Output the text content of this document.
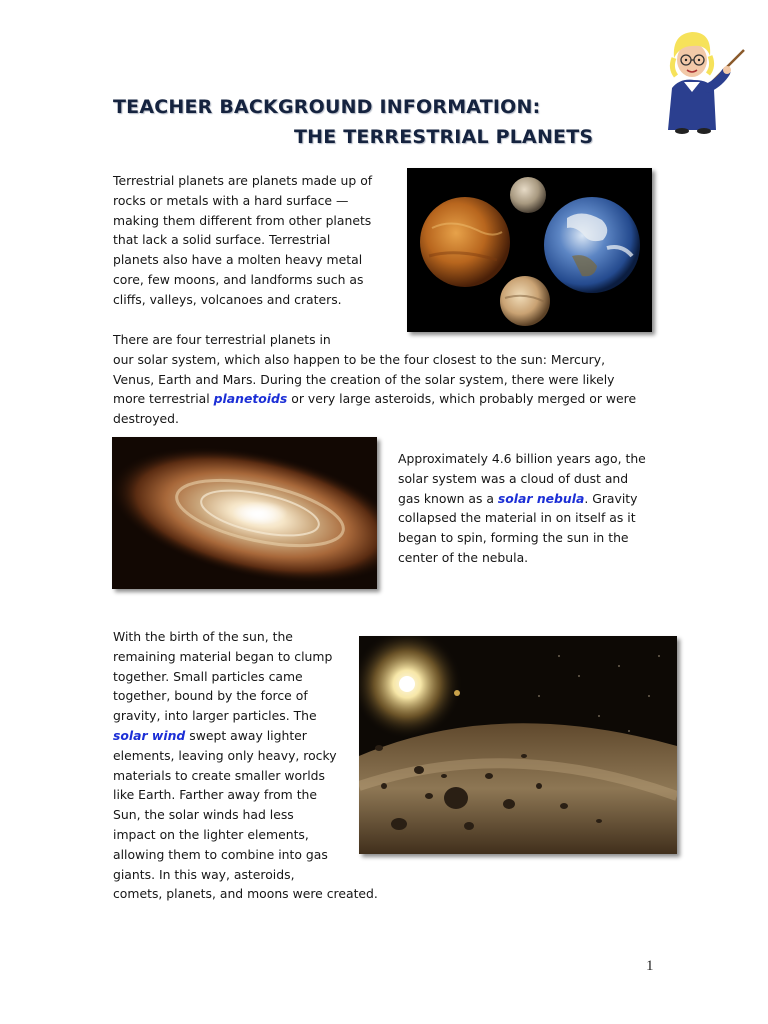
TEACHER BACKGROUND INFORMATION:
THE TERRESTRIAL PLANETS
Terrestrial planets are planets made up of
rocks or metals with a hard surface —
making them different from other planets
that lack a solid surface. Terrestrial
planets also have a molten heavy metal
core, few moons, and landforms such as
cliffs, valleys, volcanoes and craters.
There are four terrestrial planets in
our solar system, which also happen to be the four closest to the sun: Mercury,
Venus, Earth and Mars. During the creation of the solar system, there were likely
more terrestrial planetoids or very large asteroids, which probably merged or were
destroyed.
Approximately 4.6 billion years ago, the
solar system was a cloud of dust and
gas known as a solar nebula. Gravity
collapsed the material in on itself as it
began to spin, forming the sun in the
center of the nebula.
With the birth of the sun, the
remaining material began to clump
together. Small particles came
together, bound by the force of
gravity, into larger particles. The
solar wind swept away lighter
elements, leaving only heavy, rocky
materials to create smaller worlds
like Earth. Farther away from the
Sun, the solar winds had less
impact on the lighter elements,
allowing them to combine into gas
giants. In this way, asteroids,
comets, planets, and moons were created.
1
